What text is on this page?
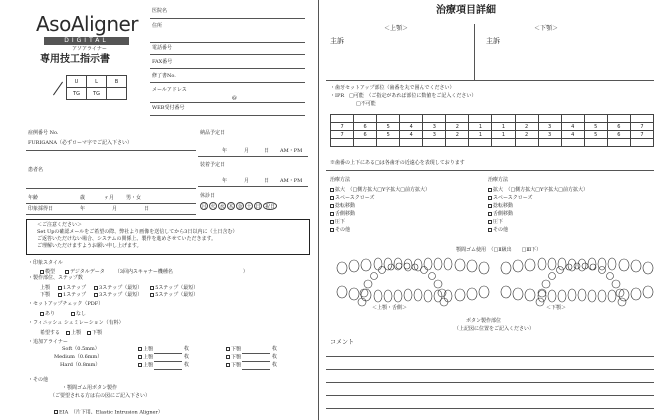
AsoAligner
DIGITAL
アソアライナー
専用技工指示書
U	L	B
TG	TG	
医院名
住所
電話番号
FAX番号
修了書No.
メールアドレス
@
WEB受付番号
症例番号 No.
FURIGANA（必ずローマ字でご記入下さい）
患者名
年齢	歳	ヶ月 男・女
印象採得日	年	月	日
納品予定日
年	月	日 AM・PM
装着予定日
年	月	日 AM・PM
休診日
月 火 水 木 金 土 日 祝日
＜ご注意ください＞
Set Upの確認メールをご希望の際、弊社より画像を送信してから3日以内に（土日含む）
ご返答いただけない場合、システムの関係上、製作を進めさせていただきます。
ご理解いただけますようお願い申し上げます。
・印象スタイル
模型	デジタルデータ （3回内スキャナー機種名	）
・製作部位、ステップ数
上顎	1ステップ	3ステップ（最短）	5ステップ（最短）
下顎	1ステップ	3ステップ（最短）	5ステップ（最短）
・セットアップチェック（PDF）
あり	なし
・フィニッシュ シュミレーション（有料）
希望する	上顎	下顎
・追加アライナー
Soft（0.5mm）	上顎	枚	下顎	枚
Medium（0.6mm）	上顎	枚	下顎	枚
Hard（0.8mm）	上顎	枚	下顎	枚
・その他
・顎間ゴム用ボタン製作
（ご要望される方は右の図にご記入下さい）
EIA　（片下用、Elastic Intrusion Aligner）
治療項目詳細
＜上顎＞	＜下顎＞
主訴	主訴
・歯牙セットアップ部位（歯番を丸で囲んでください）
・IPR　□可能　（ご指定があれば部位に数値をご記入ください）
□不可能

7	6	5	4	3	2	1	1	2	3	4	5	6	7
7	6	5	4	3	2	1	1	2	3	4	5	6	7

※歯番の上下にある□は各歯牙の近遠心を表現しております
治療方法
拡大　（□側方拡大□Y字拡大□前方拡大）
スペースクローズ
捻転移動
舌側移動
圧下
その他
治療方法
拡大　（□側方拡大□Y字拡大□前方拡大）
スペースクローズ
捻転移動
舌側移動
圧下
その他
顎間ゴム使用　（□Ⅱ級出　　□Ⅲ下）
＜上顎・舌側＞	＜下顎＞
ボタン製作部位
（上記図に位置をご記入ください）
コメント
